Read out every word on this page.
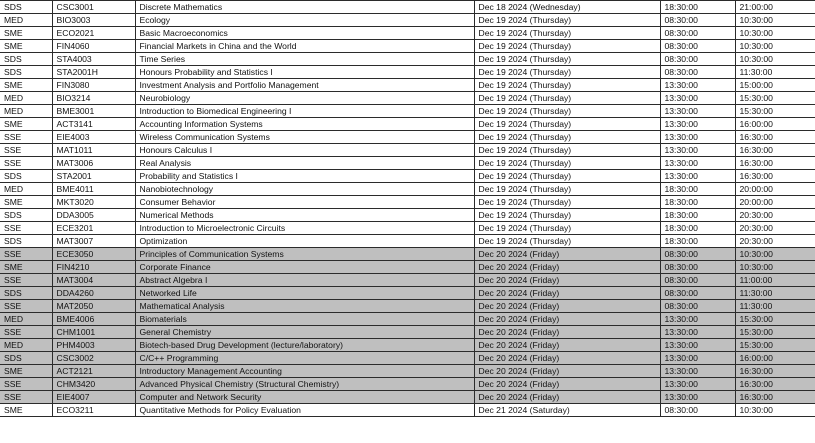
SDS	CSC3001	Discrete Mathematics	Dec 18 2024 (Wednesday)	18:30:00	21:00:00
MED	BIO3003	Ecology	Dec 19 2024 (Thursday)	08:30:00	10:30:00
SME	ECO2021	Basic Macroeconomics	Dec 19 2024 (Thursday)	08:30:00	10:30:00
SME	FIN4060	Financial Markets in China and the World	Dec 19 2024 (Thursday)	08:30:00	10:30:00
SDS	STA4003	Time Series	Dec 19 2024 (Thursday)	08:30:00	10:30:00
SDS	STA2001H	Honours Probability and Statistics I	Dec 19 2024 (Thursday)	08:30:00	11:30:00
SME	FIN3080	Investment Analysis and Portfolio Management	Dec 19 2024 (Thursday)	13:30:00	15:00:00
MED	BIO3214	Neurobiology	Dec 19 2024 (Thursday)	13:30:00	15:30:00
MED	BME3001	Introduction to Biomedical Engineering I	Dec 19 2024 (Thursday)	13:30:00	15:30:00
SME	ACT3141	Accounting Information Systems	Dec 19 2024 (Thursday)	13:30:00	16:00:00
SSE	EIE4003	Wireless Communication Systems	Dec 19 2024 (Thursday)	13:30:00	16:30:00
SSE	MAT1011	Honours Calculus I	Dec 19 2024 (Thursday)	13:30:00	16:30:00
SSE	MAT3006	Real Analysis	Dec 19 2024 (Thursday)	13:30:00	16:30:00
SDS	STA2001	Probability and Statistics I	Dec 19 2024 (Thursday)	13:30:00	16:30:00
MED	BME4011	Nanobiotechnology	Dec 19 2024 (Thursday)	18:30:00	20:00:00
SME	MKT3020	Consumer Behavior	Dec 19 2024 (Thursday)	18:30:00	20:00:00
SDS	DDA3005	Numerical Methods	Dec 19 2024 (Thursday)	18:30:00	20:30:00
SSE	ECE3201	Introduction to Microelectronic Circuits	Dec 19 2024 (Thursday)	18:30:00	20:30:00
SDS	MAT3007	Optimization	Dec 19 2024 (Thursday)	18:30:00	20:30:00
SSE	ECE3050	Principles of Communication Systems	Dec 20 2024 (Friday)	08:30:00	10:30:00
SME	FIN4210	Corporate Finance	Dec 20 2024 (Friday)	08:30:00	10:30:00
SSE	MAT3004	Abstract Algebra I	Dec 20 2024 (Friday)	08:30:00	11:00:00
SDS	DDA4260	Networked Life	Dec 20 2024 (Friday)	08:30:00	11:30:00
SSE	MAT2050	Mathematical Analysis	Dec 20 2024 (Friday)	08:30:00	11:30:00
MED	BME4006	Biomaterials	Dec 20 2024 (Friday)	13:30:00	15:30:00
SSE	CHM1001	General Chemistry	Dec 20 2024 (Friday)	13:30:00	15:30:00
MED	PHM4003	Biotech-based Drug Development (lecture/laboratory)	Dec 20 2024 (Friday)	13:30:00	15:30:00
SDS	CSC3002	C/C++ Programming	Dec 20 2024 (Friday)	13:30:00	16:00:00
SME	ACT2121	Introductory Management Accounting	Dec 20 2024 (Friday)	13:30:00	16:30:00
SSE	CHM3420	Advanced Physical Chemistry (Structural Chemistry)	Dec 20 2024 (Friday)	13:30:00	16:30:00
SSE	EIE4007	Computer and Network Security	Dec 20 2024 (Friday)	13:30:00	16:30:00
SME	ECO3211	Quantitative Methods for Policy Evaluation	Dec 21 2024 (Saturday)	08:30:00	10:30:00
